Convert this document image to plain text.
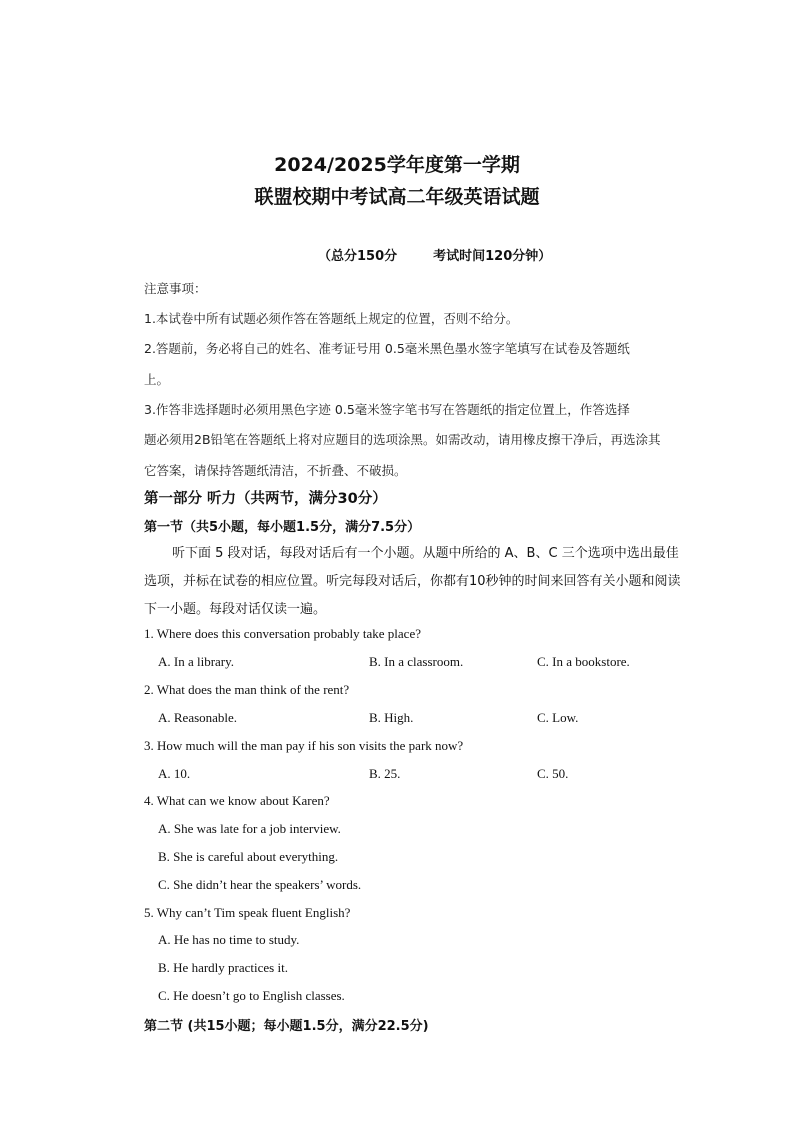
2024/2025学年度第一学期
联盟校期中考试高二年级英语试题
（总分150分	考试时间120分钟）
注意事项：
1.本试卷中所有试题必须作答在答题纸上规定的位置，否则不给分。
2.答题前，务必将自己的姓名、准考证号用 0.5毫米黑色墨水签字笔填写在试卷及答题纸
上。
3.作答非选择题时必须用黑色字迹 0.5毫米签字笔书写在答题纸的指定位置上，作答选择
题必须用2B铅笔在答题纸上将对应题目的选项涂黑。如需改动，请用橡皮擦干净后，再选涂其
它答案，请保持答题纸清洁，不折叠、不破损。
第一部分 听力（共两节，满分30分）
第一节（共5小题，每小题1.5分，满分7.5分）
听下面 5 段对话，每段对话后有一个小题。从题中所给的 A、B、C 三个选项中选出最佳
选项，并标在试卷的相应位置。听完每段对话后，你都有10秒钟的时间来回答有关小题和阅读
下一小题。每段对话仅读一遍。
1. Where does this conversation probably take place?
A. In a library.	B. In a classroom.	C. In a bookstore.
2. What does the man think of the rent?
A. Reasonable.	B. High.	C. Low.
3. How much will the man pay if his son visits the park now?
A. 10.	B. 25.	C. 50.
4. What can we know about Karen?
A. She was late for a job interview.
B. She is careful about everything.
C. She didn’t hear the speakers’ words.
5. Why can’t Tim speak fluent English?
A. He has no time to study.
B. He hardly practices it.
C. He doesn’t go to English classes.
第二节 (共15小题；每小题1.5分，满分22.5分)
